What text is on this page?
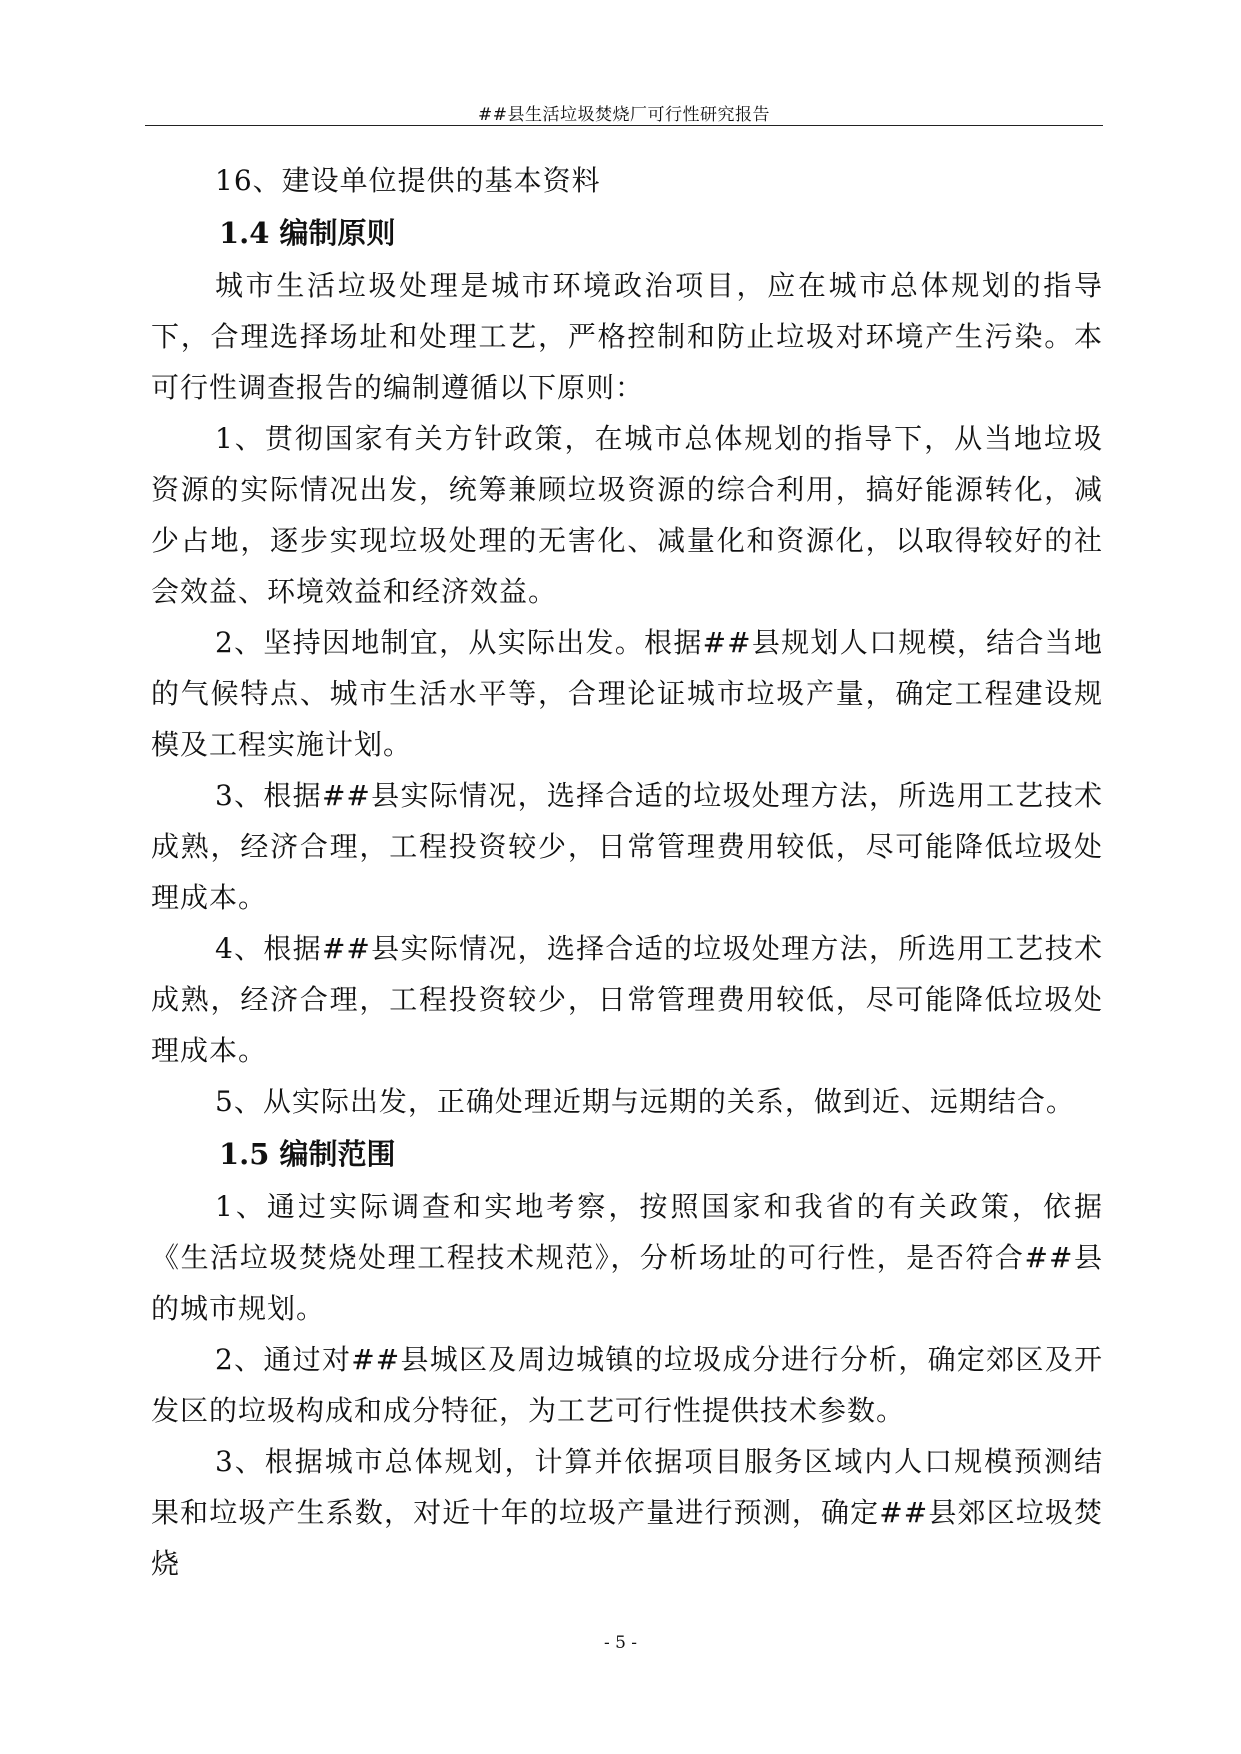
##县生活垃圾焚烧厂可行性研究报告

16、建设单位提供的基本资料

1.4 编制原则

城市生活垃圾处理是城市环境政治项目，应在城市总体规划的指导下，合理选择场址和处理工艺，严格控制和防止垃圾对环境产生污染。本可行性调查报告的编制遵循以下原则：

1、贯彻国家有关方针政策，在城市总体规划的指导下，从当地垃圾资源的实际情况出发，统筹兼顾垃圾资源的综合利用，搞好能源转化，减少占地，逐步实现垃圾处理的无害化、减量化和资源化，以取得较好的社会效益、环境效益和经济效益。

2、坚持因地制宜，从实际出发。根据##县规划人口规模，结合当地的气候特点、城市生活水平等，合理论证城市垃圾产量，确定工程建设规模及工程实施计划。

3、根据##县实际情况，选择合适的垃圾处理方法，所选用工艺技术成熟，经济合理，工程投资较少，日常管理费用较低，尽可能降低垃圾处理成本。

4、根据##县实际情况，选择合适的垃圾处理方法，所选用工艺技术成熟，经济合理，工程投资较少，日常管理费用较低，尽可能降低垃圾处理成本。

5、从实际出发，正确处理近期与远期的关系，做到近、远期结合。

1.5 编制范围

1、通过实际调查和实地考察，按照国家和我省的有关政策，依据《生活垃圾焚烧处理工程技术规范》，分析场址的可行性，是否符合##县的城市规划。

2、通过对##县城区及周边城镇的垃圾成分进行分析，确定郊区及开发区的垃圾构成和成分特征，为工艺可行性提供技术参数。

3、根据城市总体规划，计算并依据项目服务区域内人口规模预测结果和垃圾产生系数，对近十年的垃圾产量进行预测，确定##县郊区垃圾焚烧

- 5 -
